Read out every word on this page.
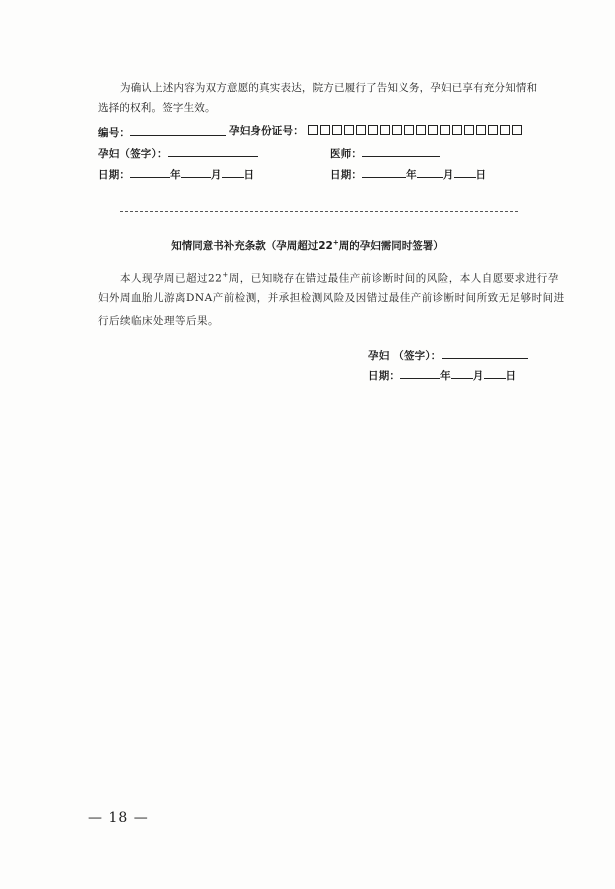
为确认上述内容为双方意愿的真实表达，院方已履行了告知义务，孕妇已享有充分知情和
选择的权利。签字生效。
编号：	孕妇身份证号：
孕妇（签字）：	医师：
日期：	年	月 日	日期：	年 月 日
知情同意书补充条款（孕周超过22+周的孕妇需同时签署）
本人现孕周已超过22+周，已知晓存在错过最佳产前诊断时间的风险，本人自愿要求进行孕
妇外周血胎儿游离DNA产前检测，并承担检测风险及因错过最佳产前诊断时间所致无足够时间进
行后续临床处理等后果。
孕妇 （签字）：
日期：	年 月 日
— 18 —
